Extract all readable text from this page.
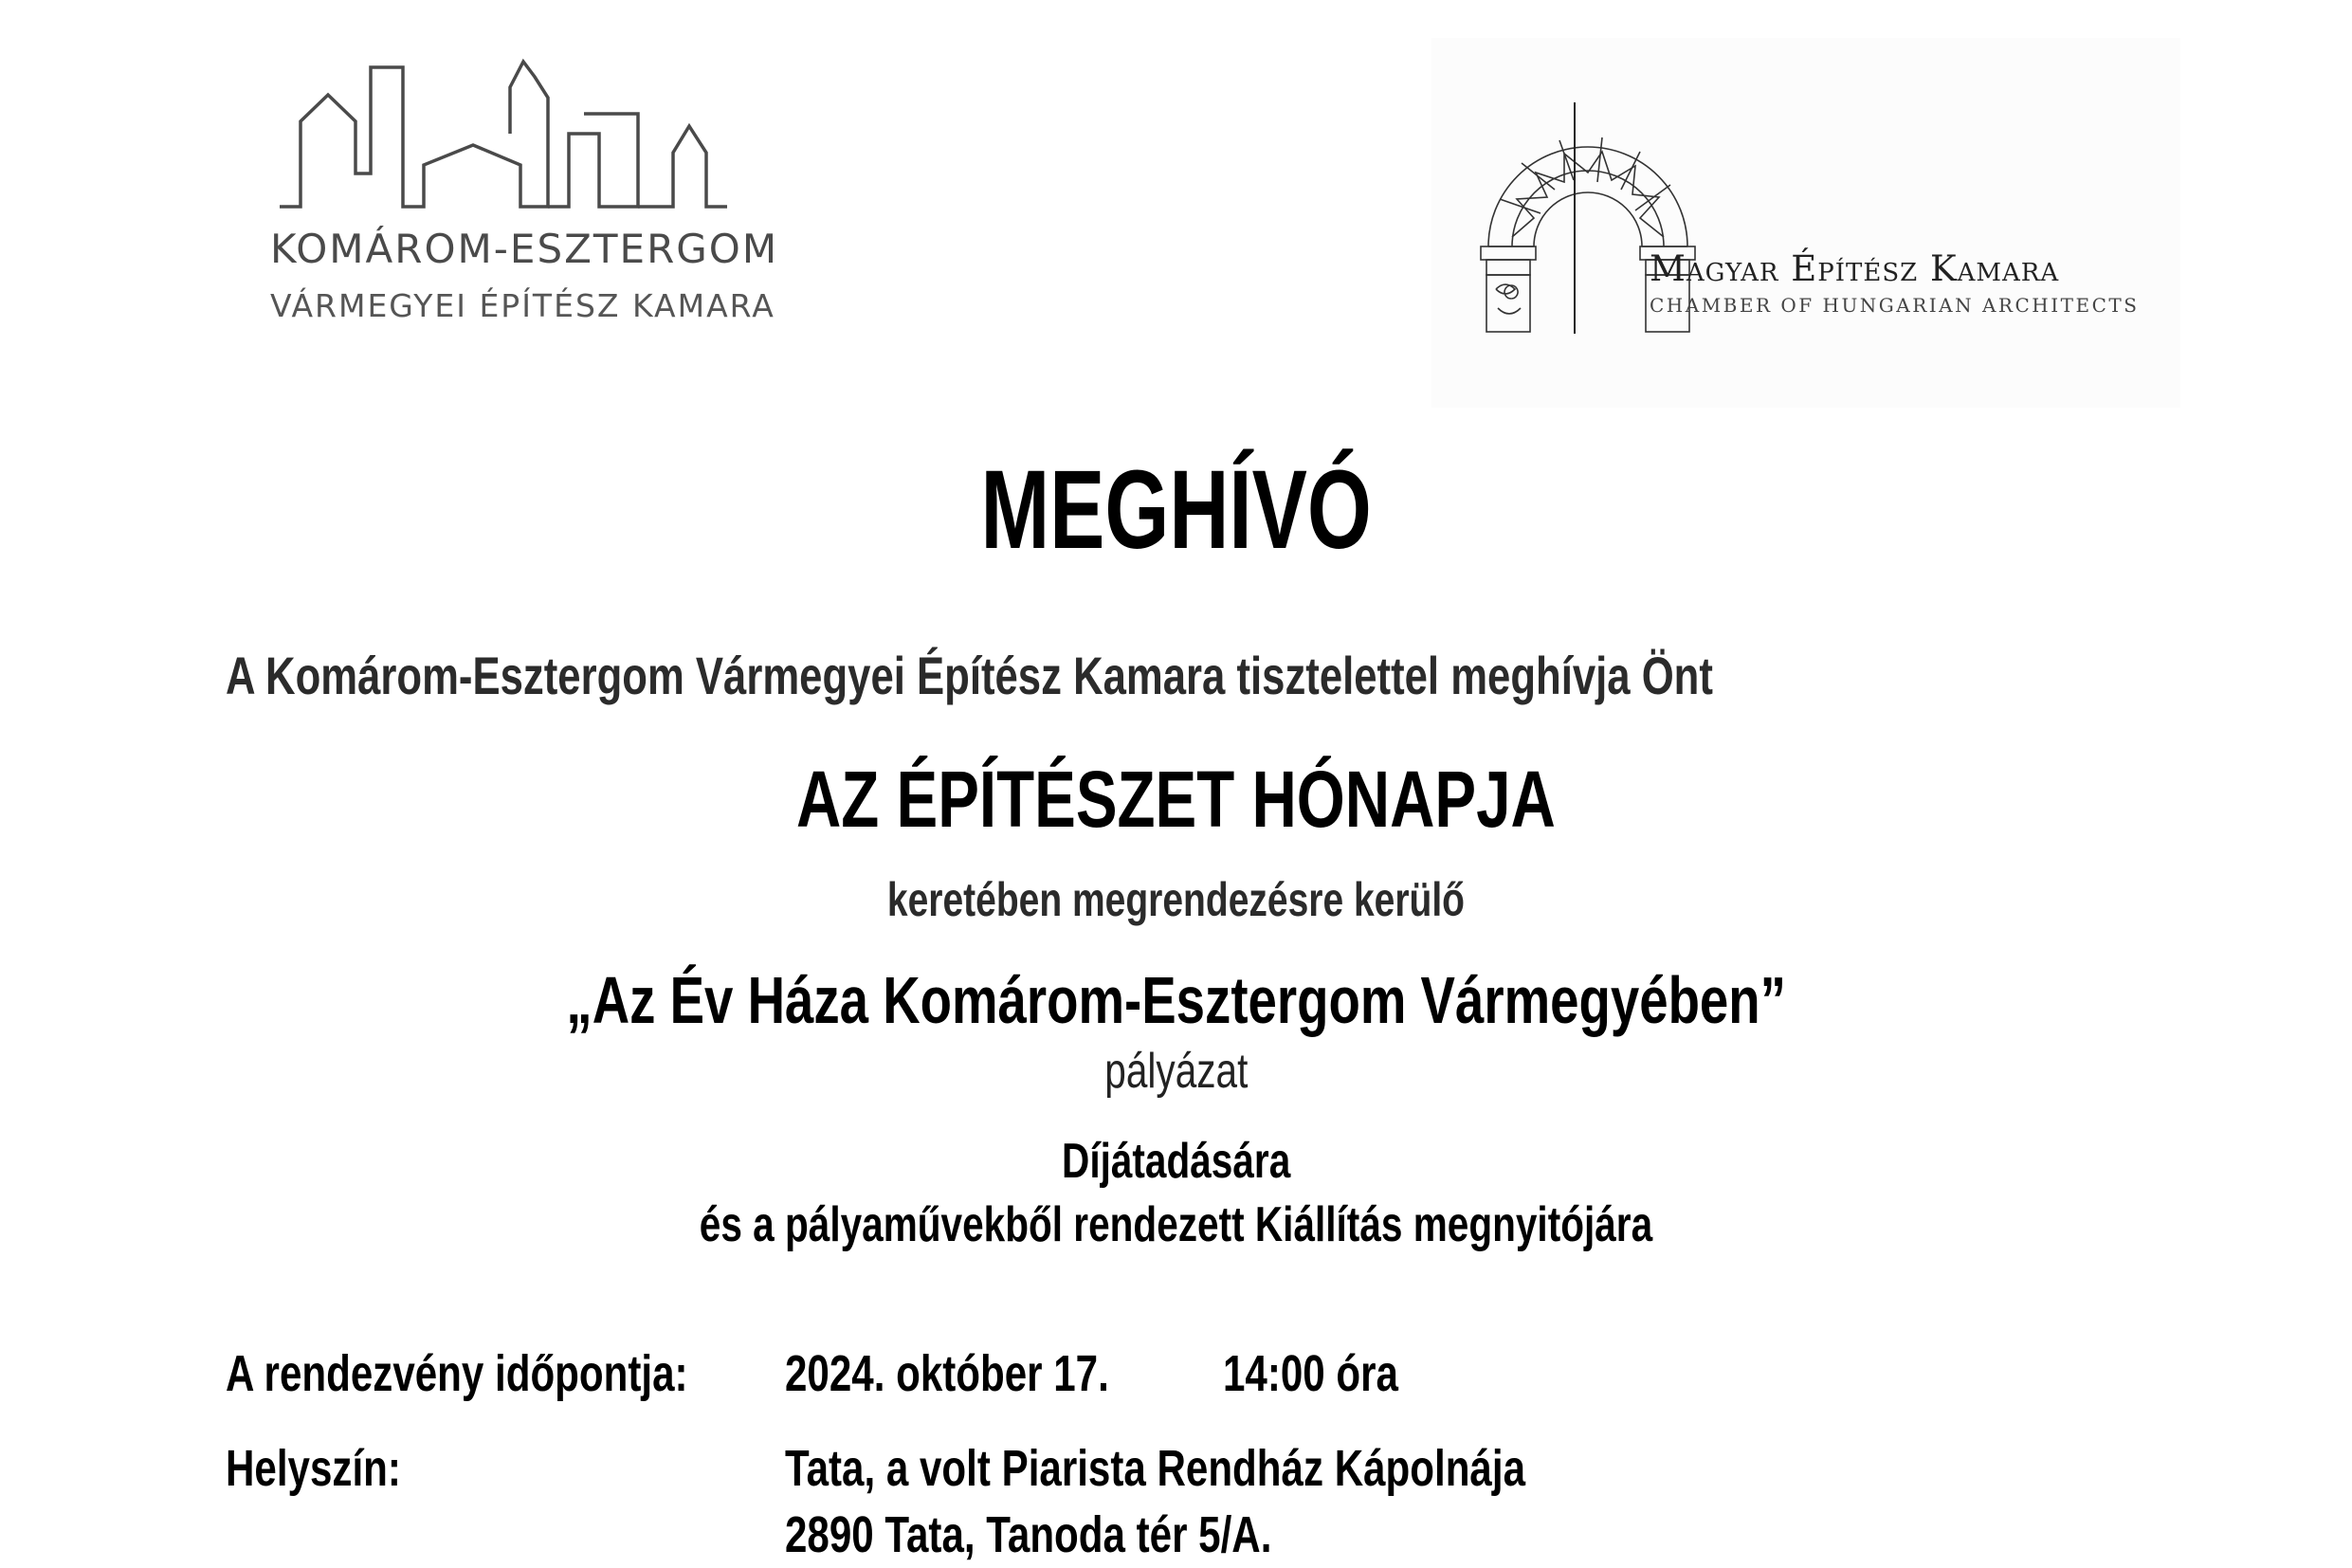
KOMÁROM-ESZTERGOM
VÁRMEGYEI ÉPÍTÉSZ KAMARA
Magyar Építész Kamara
CHAMBER OF HUNGARIAN ARCHITECTS
MEGHÍVÓ
A Komárom-Esztergom Vármegyei Építész Kamara tisztelettel meghívja Önt
AZ ÉPÍTÉSZET HÓNAPJA
keretében megrendezésre kerülő
„Az Év Háza Komárom-Esztergom Vármegyében”
pályázat
Díjátadására
és a pályaművekből rendezett Kiállítás megnyitójára
A rendezvény időpontja:	2024. október 17.	14:00 óra
Helyszín:	Tata, a volt Piarista Rendház Kápolnája
2890 Tata, Tanoda tér 5/A.
